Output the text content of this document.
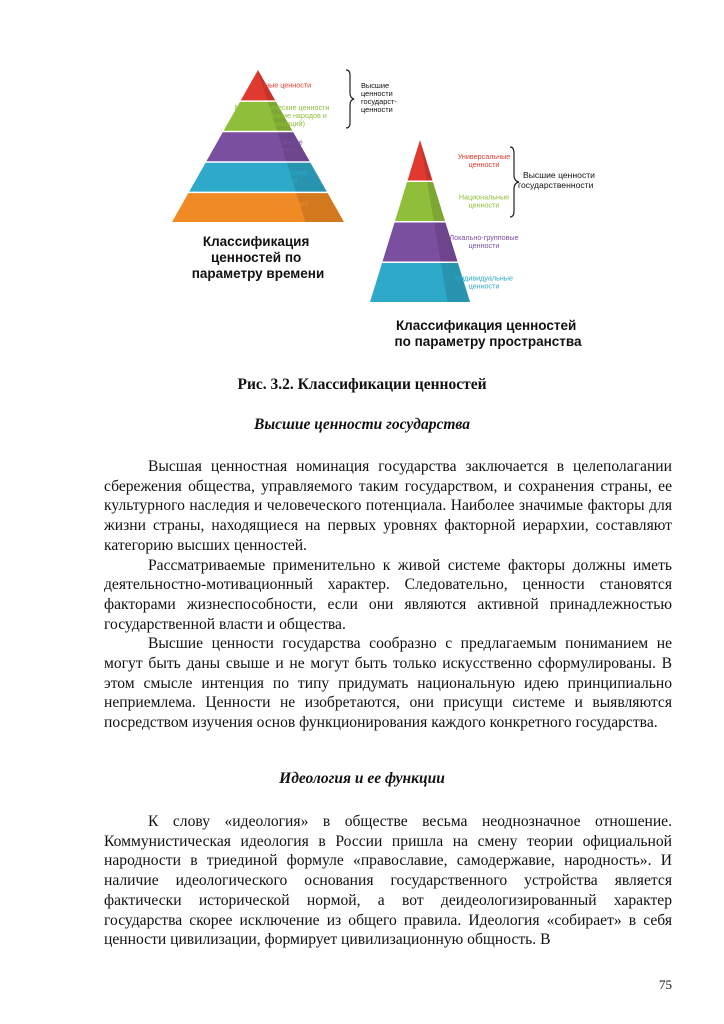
Вечные ценности
Мегаисторические ценности (существование народов и цивилизаций)
Эпохальные ценности
Поколенческие ценности
Конъюнктурные ценности
Высшие ценности государст- ценности
Классификация ценностей по параметру времени
Универсальные ценности
Национальные ценности
Локально-групповые ценности
Индивидуальные ценности
Высшие ценности государственности
Классификация ценностей по параметру пространства
Рис. 3.2. Классификации ценностей
Высшие ценности государства

Высшая ценностная номинация государства заключается в целеполагании сбережения общества, управляемого таким государством, и сохранения страны, ее культурного наследия и человеческого потенциала. Наиболее значимые факторы для жизни страны, находящиеся на первых уровнях факторной иерархии, составляют категорию высших ценностей.

Рассматриваемые применительно к живой системе факторы должны иметь деятельностно-мотивационный характер. Следовательно, ценности становятся факторами жизнеспособности, если они являются активной принадлежностью государственной власти и общества.

Высшие ценности государства сообразно с предлагаемым пониманием не могут быть даны свыше и не могут быть только искусственно сформулированы. В этом смысле интенция по типу придумать национальную идею принципиально неприемлема. Ценности не изобретаются, они присущи системе и выявляются посредством изучения основ функционирования каждого конкретного государства.

Идеология и ее функции

К слову «идеология» в обществе весьма неоднозначное отношение. Коммунистическая идеология в России пришла на смену теории официальной народности в триединой формуле «православие, самодержавие, народность». И наличие идеологического основания государственного устройства является фактически исторической нормой, а вот деидеологизированный характер государства скорее исключение из общего правила. Идеология «собирает» в себя ценности цивилизации, формирует цивилизационную общность. В

75
